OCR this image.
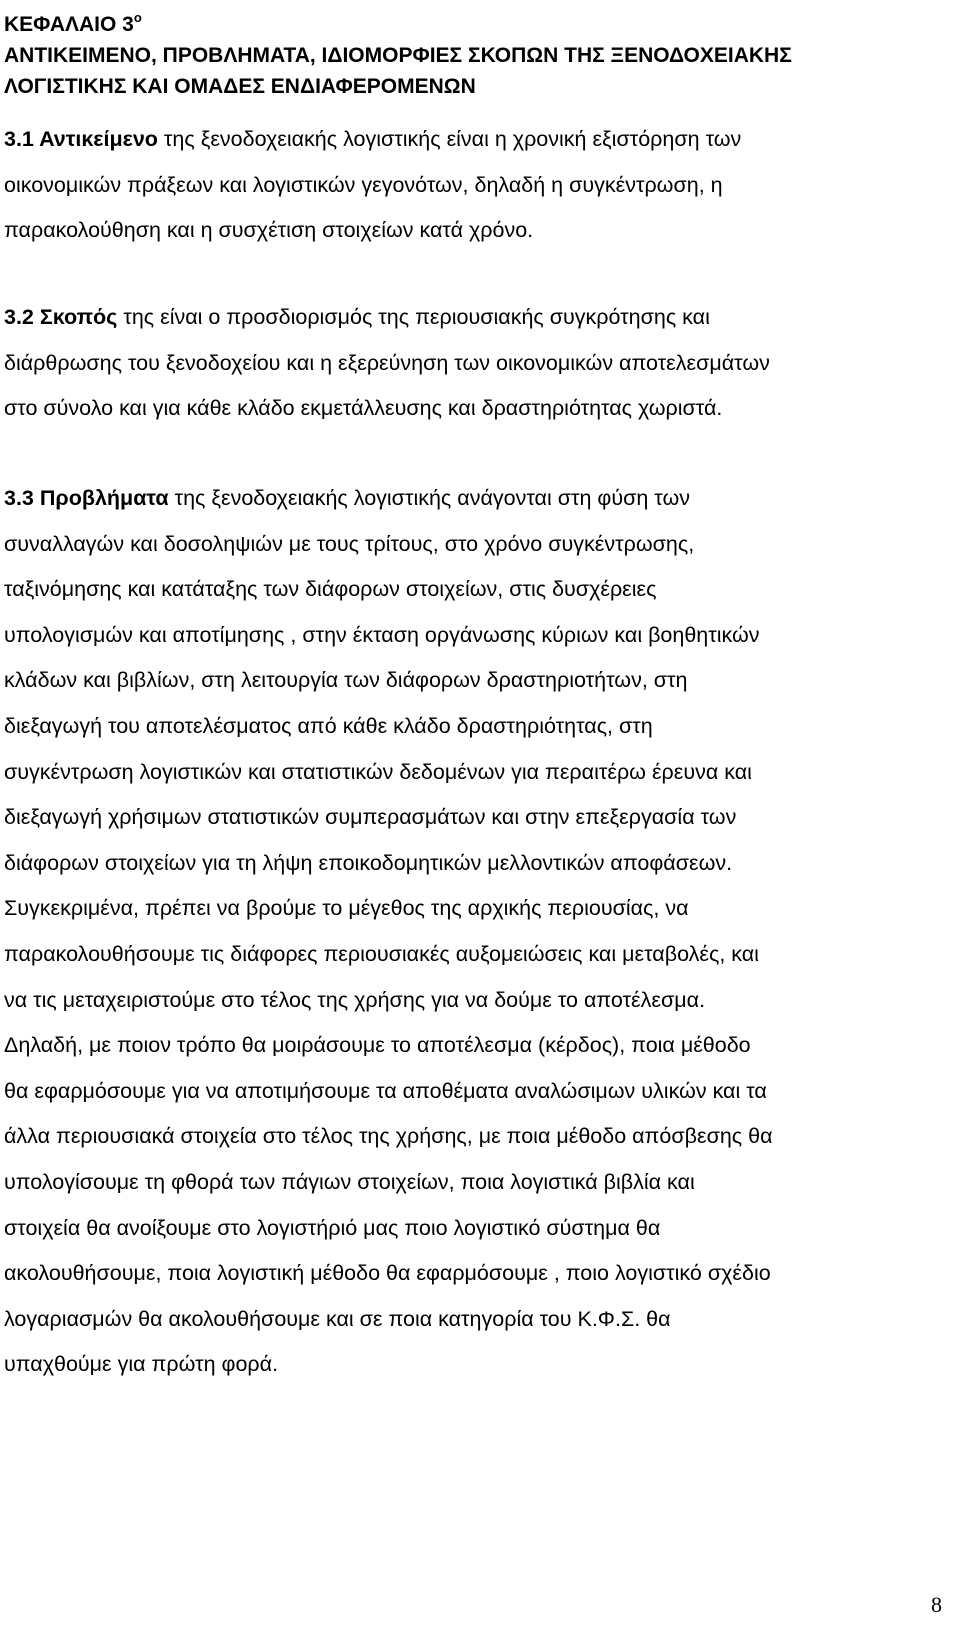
ΚΕΦΑΛΑΙΟ $3^o$
ΑΝΤΙΚΕΙΜΕΝΟ, ΠΡΟΒΛΗΜΑΤΑ, ΙΔΙΟΜΟΡΦΙΕΣ ΣΚΟΠΩΝ ΤΗΣ ΞΕΝΟΔΟΧΕΙΑΚΗΣ
ΛΟΓΙΣΤΙΚΗΣ ΚΑΙ ΟΜΑΔΕΣ ΕΝΔΙΑΦΕΡΟΜΕΝΩΝ
3.1 Αντικείμενο της ξενοδοχειακής λογιστικής είναι η χρονική εξιστόρηση των
οικονομικών πράξεων και λογιστικών γεγονότων, δηλαδή η συγκέντρωση, η
παρακολούθηση και η συσχέτιση στοιχείων κατά χρόνο.
3.2 Σκοπός της είναι ο προσδιορισμός της περιουσιακής συγκρότησης και
διάρθρωσης του ξενοδοχείου και η εξερεύνηση των οικονομικών αποτελεσμάτων
στο σύνολο και για κάθε κλάδο εκμετάλλευσης και δραστηριότητας χωριστά.
3.3 Προβλήματα της ξενοδοχειακής λογιστικής ανάγονται στη φύση των
συναλλαγών και δοσοληψιών με τους τρίτους, στο χρόνο συγκέντρωσης,
ταξινόμησης και κατάταξης των διάφορων στοιχείων, στις δυσχέρειες
υπολογισμών και αποτίμησης , στην έκταση οργάνωσης κύριων και βοηθητικών
κλάδων και βιβλίων, στη λειτουργία των διάφορων δραστηριοτήτων, στη
διεξαγωγή του αποτελέσματος από κάθε κλάδο δραστηριότητας, στη
συγκέντρωση λογιστικών και στατιστικών δεδομένων για περαιτέρω έρευνα και
διεξαγωγή χρήσιμων στατιστικών συμπερασμάτων και στην επεξεργασία των
διάφορων στοιχείων για τη λήψη εποικοδομητικών μελλοντικών αποφάσεων.
Συγκεκριμένα, πρέπει να βρούμε το μέγεθος της αρχικής περιουσίας, να
παρακολουθήσουμε τις διάφορες περιουσιακές αυξομειώσεις και μεταβολές, και
να τις μεταχειριστούμε στο τέλος της χρήσης για να δούμε το αποτέλεσμα.
Δηλαδή, με ποιον τρόπο θα μοιράσουμε το αποτέλεσμα (κέρδος), ποια μέθοδο
θα εφαρμόσουμε για να αποτιμήσουμε τα αποθέματα αναλώσιμων υλικών και τα
άλλα περιουσιακά στοιχεία στο τέλος της χρήσης, με ποια μέθοδο απόσβεσης θα
υπολογίσουμε τη φθορά των πάγιων στοιχείων, ποια λογιστικά βιβλία και
στοιχεία θα ανοίξουμε στο λογιστήριό μας ποιο λογιστικό σύστημα θα
ακολουθήσουμε, ποια λογιστική μέθοδο θα εφαρμόσουμε , ποιο λογιστικό σχέδιο
λογαριασμών θα ακολουθήσουμε και σε ποια κατηγορία του Κ.Φ.Σ. θα
υπαχθούμε για πρώτη φορά.
8
